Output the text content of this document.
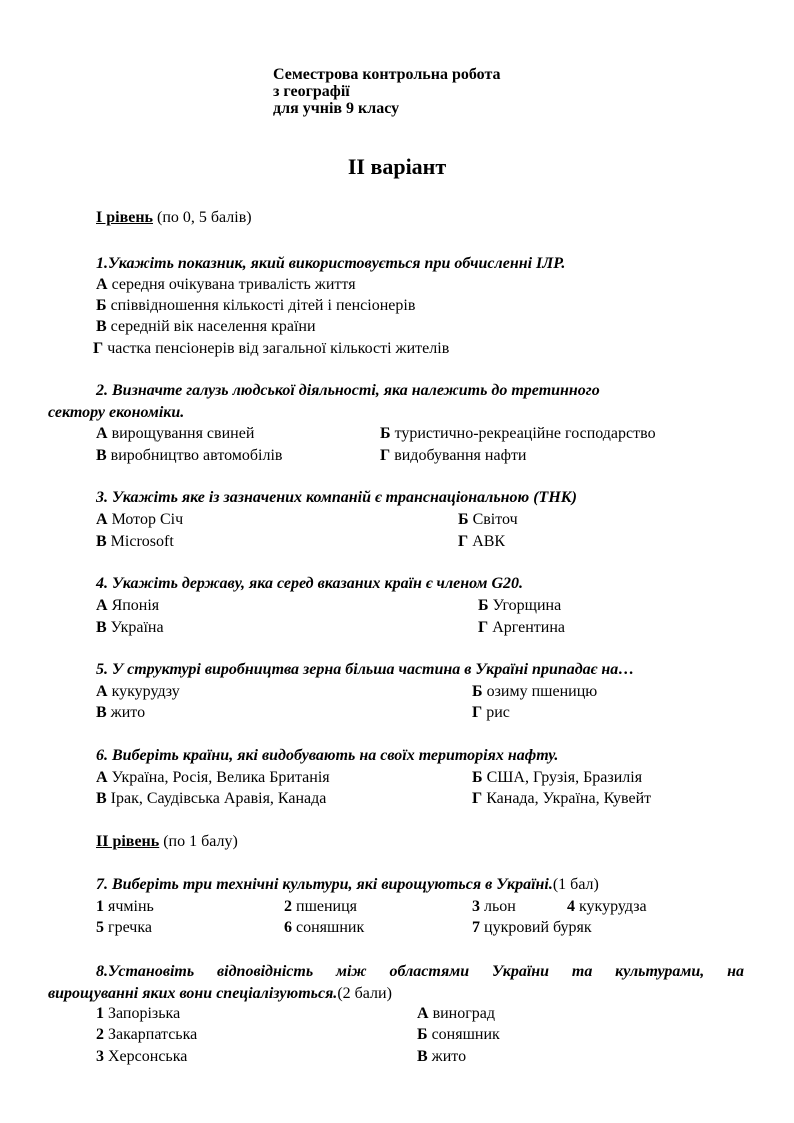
Семестрова контрольна робота
з географії
для учнів 9 класу
ІІ варіант
І рівень (по 0, 5 балів)
1.Укажіть показник, який використовується при обчисленні ІЛР.
А середня очікувана тривалість життя
Б співвідношення кількості дітей і пенсіонерів
В середній вік населення країни
Г частка пенсіонерів від загальної кількості жителів
2. Визначте галузь людської діяльності, яка належить до третинного
сектору економіки.
А вирощування свиней	Б туристично-рекреаційне господарство
В виробництво автомобілів	Г видобування нафти
3. Укажіть яке із зазначених компаній є транснаціональною (ТНК)
А Мотор Січ	Б Світоч
В Microsoft	Г АВК
4. Укажіть державу, яка серед вказаних країн є членом G20.
А Японія	Б Угорщина
В Україна	Г Аргентина
5. У структурі виробництва зерна більша частина в Україні припадає на…
А кукурудзу	Б озиму пшеницю
В жито	Г рис
6. Виберіть країни, які видобувають на своїх територіях нафту.
А Україна, Росія, Велика Британія	Б США, Грузія, Бразилія
В Ірак, Саудівська Аравія, Канада	Г Канада, Україна, Кувейт
ІІ рівень (по 1 балу)
7. Виберіть три технічні культури, які вирощуються в Україні.(1 бал)
1 ячмінь	2 пшениця	3 льон	4 кукурудза
5 гречка	6 соняшник	7 цукровий буряк
8.Установіть відповідність між областями України та культурами, на
вирощуванні яких вони спеціалізуються.(2 бали)
1 Запорізька	А виноград
2 Закарпатська	Б соняшник
3 Херсонська	В жито
